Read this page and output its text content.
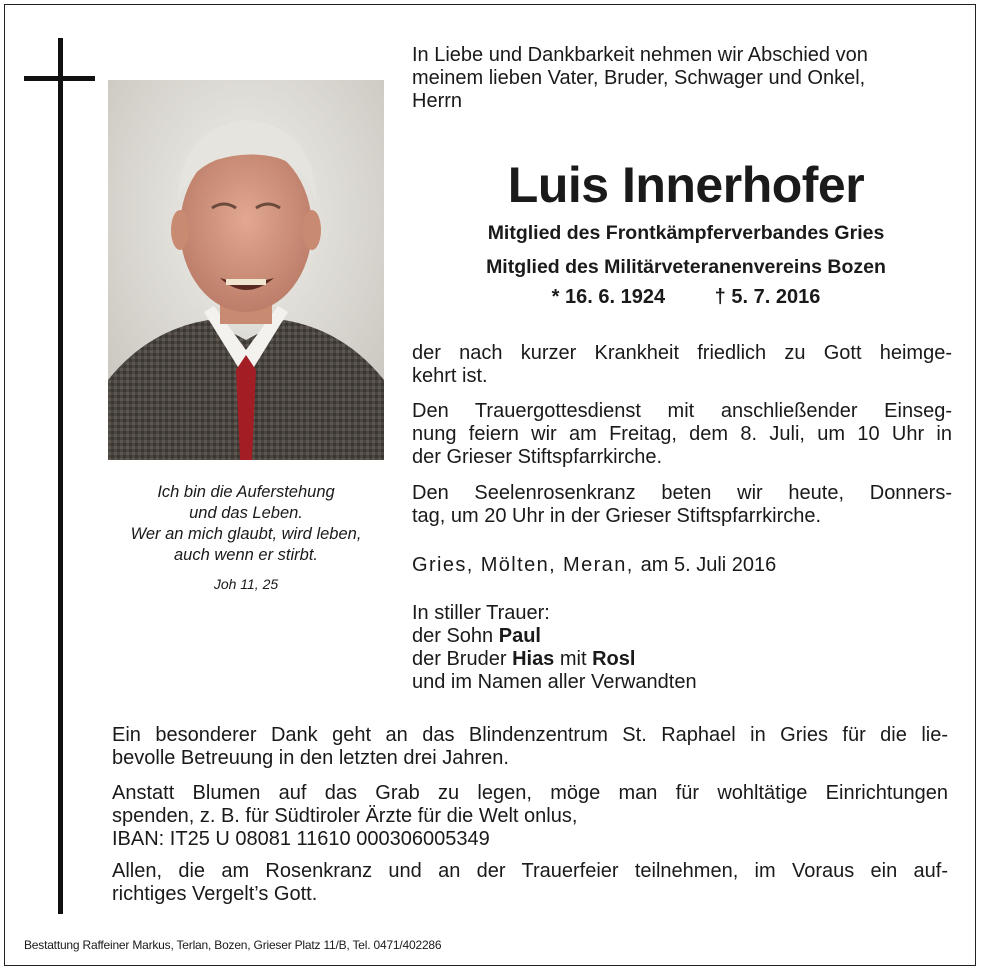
Ich bin die Auferstehung
und das Leben.
Wer an mich glaubt, wird leben,
auch wenn er stirbt.
Joh 11, 25
In Liebe und Dankbarkeit nehmen wir Abschied von
meinem lieben Vater, Bruder, Schwager und Onkel,
Herrn
Luis Innerhofer
Mitglied des Frontkämpferverbandes Gries
Mitglied des Militärveteranenvereins Bozen
* 16. 6. 1924 † 5. 7. 2016
der nach kurzer Krankheit friedlich zu Gott heimge-
kehrt ist.
Den Trauergottesdienst mit anschließender Einseg-
nung feiern wir am Freitag, dem 8. Juli, um 10 Uhr in
der Grieser Stiftspfarrkirche.
Den Seelenrosenkranz beten wir heute, Donners-
tag, um 20 Uhr in der Grieser Stiftspfarrkirche.
Gries, Mölten, Meran, am 5. Juli 2016
In stiller Trauer:
der Sohn Paul
der Bruder Hias mit Rosl
und im Namen aller Verwandten
Ein besonderer Dank geht an das Blindenzentrum St. Raphael in Gries für die lie-
bevolle Betreuung in den letzten drei Jahren.
Anstatt Blumen auf das Grab zu legen, möge man für wohltätige Einrichtungen
spenden, z. B. für Südtiroler Ärzte für die Welt onlus,
IBAN: IT25 U 08081 11610 000306005349
Allen, die am Rosenkranz und an der Trauerfeier teilnehmen, im Voraus ein auf-
richtiges Vergelt’s Gott.
Bestattung Raffeiner Markus, Terlan, Bozen, Grieser Platz 11/B, Tel. 0471/402286
